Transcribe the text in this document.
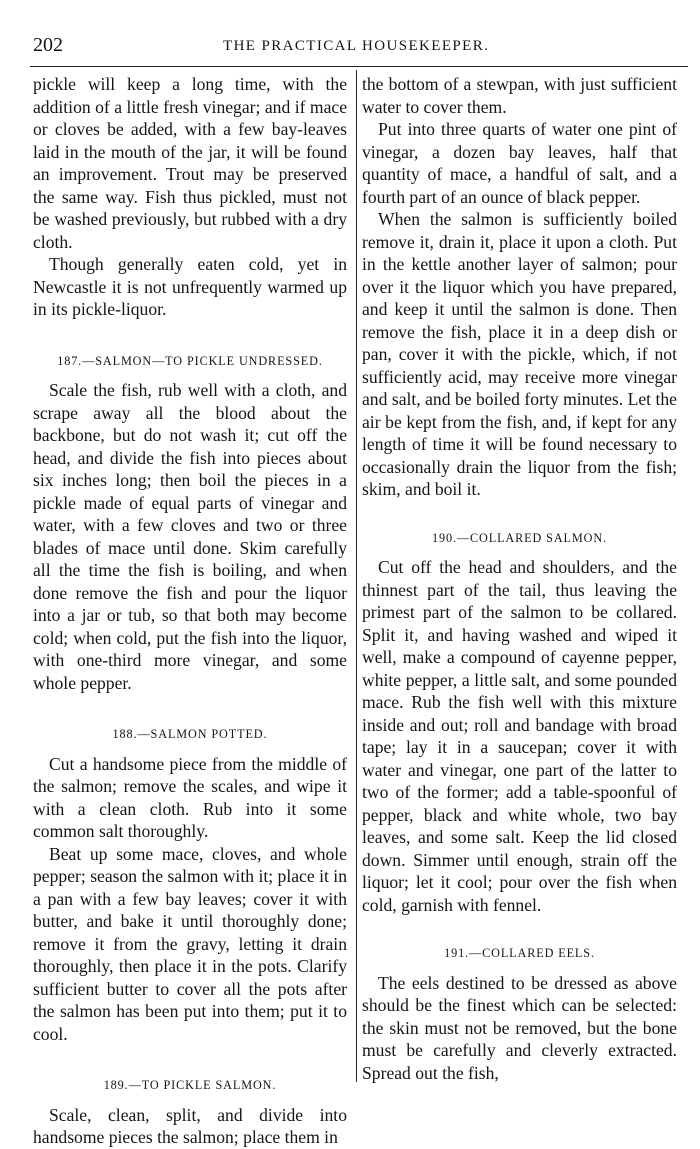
202	THE PRACTICAL HOUSEKEEPER.

pickle will keep a long time, with the addition of a little fresh vinegar; and if mace or cloves be added, with a few bay-leaves laid in the mouth of the jar, it will be found an improvement. Trout may be preserved the same way. Fish thus pickled, must not be washed previously, but rubbed with a dry cloth.

Though generally eaten cold, yet in Newcastle it is not unfrequently warmed up in its pickle-liquor.

187.—SALMON—TO PICKLE UNDRESSED.

Scale the fish, rub well with a cloth, and scrape away all the blood about the backbone, but do not wash it; cut off the head, and divide the fish into pieces about six inches long; then boil the pieces in a pickle made of equal parts of vinegar and water, with a few cloves and two or three blades of mace until done. Skim carefully all the time the fish is boiling, and when done remove the fish and pour the liquor into a jar or tub, so that both may become cold; when cold, put the fish into the liquor, with one-third more vinegar, and some whole pepper.

188.—SALMON POTTED.

Cut a handsome piece from the middle of the salmon; remove the scales, and wipe it with a clean cloth. Rub into it some common salt thoroughly.

Beat up some mace, cloves, and whole pepper; season the salmon with it; place it in a pan with a few bay leaves; cover it with butter, and bake it until thoroughly done; remove it from the gravy, letting it drain thoroughly, then place it in the pots. Clarify sufficient butter to cover all the pots after the salmon has been put into them; put it to cool.

189.—TO PICKLE SALMON.

Scale, clean, split, and divide into handsome pieces the salmon; place them in

the bottom of a stewpan, with just sufficient water to cover them.

Put into three quarts of water one pint of vinegar, a dozen bay leaves, half that quantity of mace, a handful of salt, and a fourth part of an ounce of black pepper.

When the salmon is sufficiently boiled remove it, drain it, place it upon a cloth. Put in the kettle another layer of salmon; pour over it the liquor which you have prepared, and keep it until the salmon is done. Then remove the fish, place it in a deep dish or pan, cover it with the pickle, which, if not sufficiently acid, may receive more vinegar and salt, and be boiled forty minutes. Let the air be kept from the fish, and, if kept for any length of time it will be found necessary to occasionally drain the liquor from the fish; skim, and boil it.

190.—COLLARED SALMON.

Cut off the head and shoulders, and the thinnest part of the tail, thus leaving the primest part of the salmon to be collared. Split it, and having washed and wiped it well, make a compound of cayenne pepper, white pepper, a little salt, and some pounded mace. Rub the fish well with this mixture inside and out; roll and bandage with broad tape; lay it in a saucepan; cover it with water and vinegar, one part of the latter to two of the former; add a table-spoonful of pepper, black and white whole, two bay leaves, and some salt. Keep the lid closed down. Simmer until enough, strain off the liquor; let it cool; pour over the fish when cold, garnish with fennel.

191.—COLLARED EELS.

The eels destined to be dressed as above should be the finest which can be selected: the skin must not be removed, but the bone must be carefully and cleverly extracted. Spread out the fish,
